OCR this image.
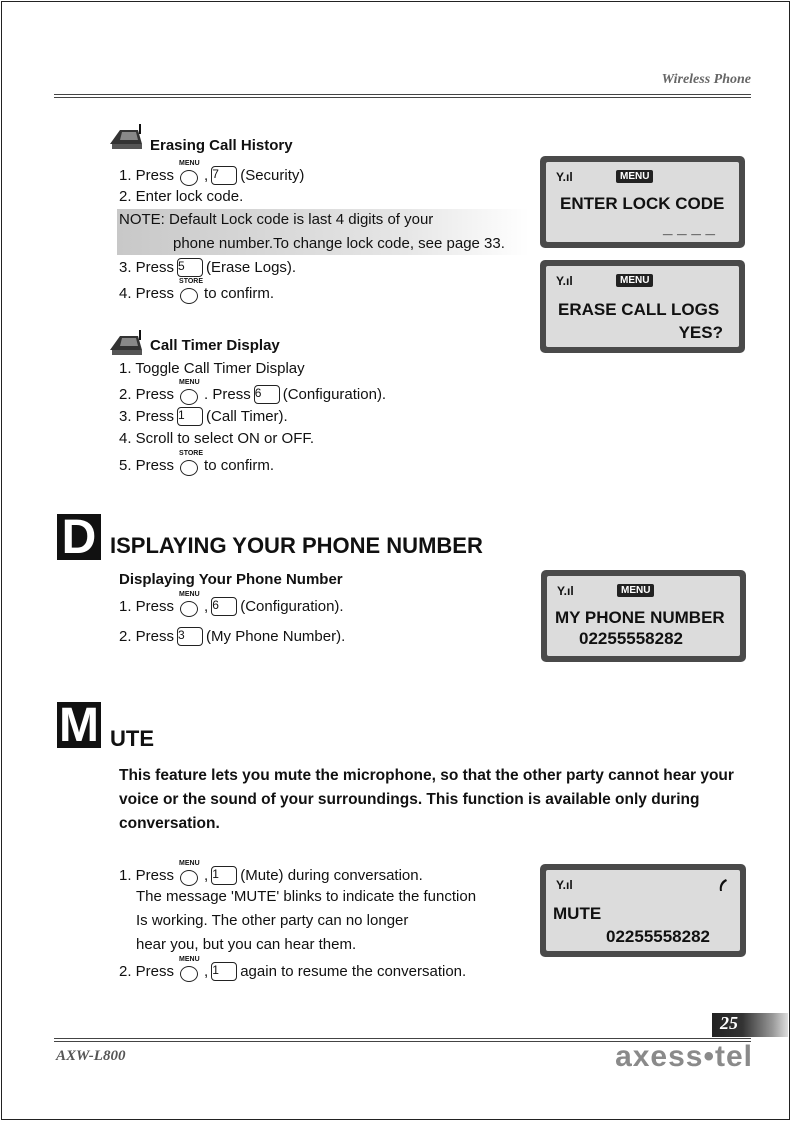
Wireless Phone
Erasing Call History
1. Press
MENU
, 7	(Security)
2. Enter lock code.
NOTE: Default Lock code is last 4 digits of your
phone number.To change lock code, see page 33.
3. Press 5	(Erase Logs).
4. Press
STORE
to confirm.
Y.ıl	MENU
ENTER LOCK CODE
_ _ _ _
Y.ıl	MENU
ERASE CALL LOGS
YES?
Call Timer Display
1. Toggle Call Timer Display
2. Press
MENU
. Press 6	(Configuration).
3. Press 1	(Call Timer).
4. Scroll to select ON or OFF.
5. Press
STORE
to confirm.
D ISPLAYING YOUR PHONE NUMBER
Displaying Your Phone Number
1. Press
MENU
, 6	(Configuration).
2. Press 3	(My Phone Number).
Y.ıl	MENU
MY PHONE NUMBER
02255558282
M UTE
This feature lets you mute the microphone, so that the other party cannot hear your voice or the sound of your surroundings. This function is available only during conversation.
1. Press
MENU
, 1	(Mute) during conversation.
The message 'MUTE' blinks to indicate the function
Is working. The other party can no longer
hear you, but you can hear them.
2. Press
MENU
, 1	again to resume the conversation.
Y.ıl
MUTE
02255558282
25
AXW-L800	axess•tel
